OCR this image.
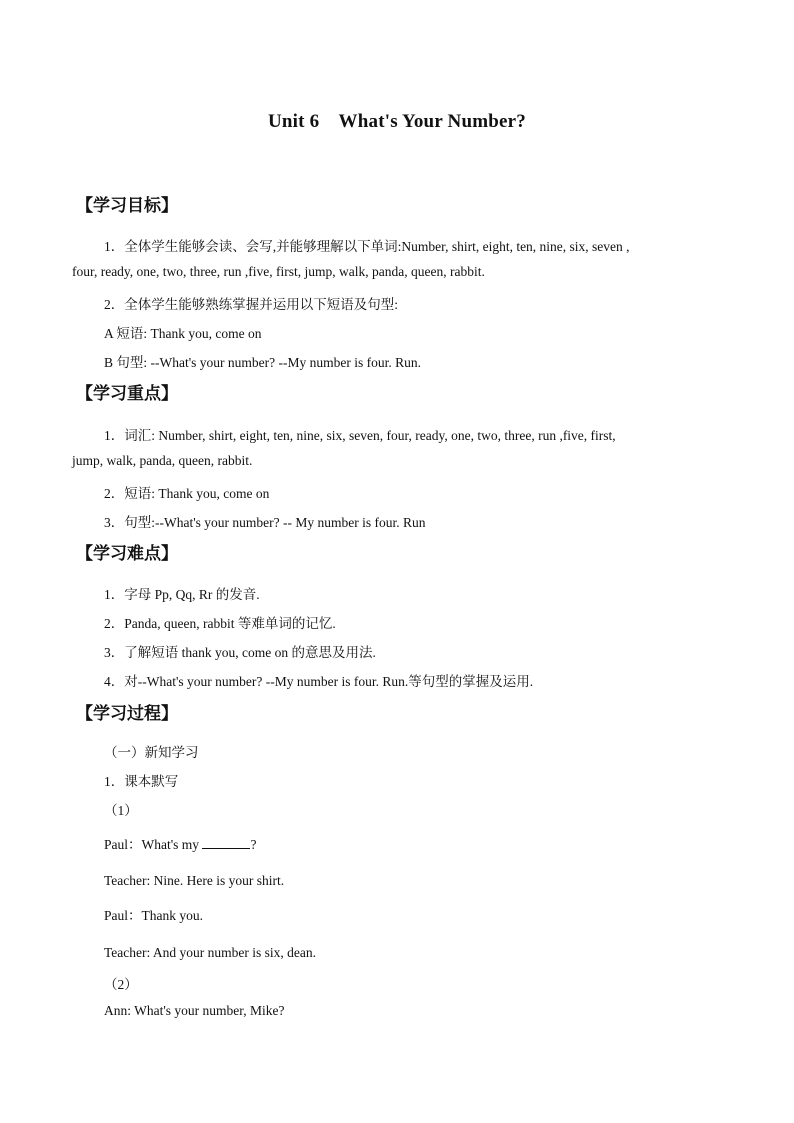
Unit 6　What's Your Number?
【学习目标】
1．全体学生能够会读、会写,并能够理解以下单词:Number, shirt, eight, ten, nine, six, seven ,
four, ready, one, two, three, run ,five, first, jump, walk, panda, queen, rabbit.
2．全体学生能够熟练掌握并运用以下短语及句型:
A 短语: Thank you, come on
B 句型: --What's your number? --My number is four. Run.
【学习重点】
1．词汇: Number, shirt, eight, ten, nine, six, seven, four, ready, one, two, three, run ,five, first,
jump, walk, panda, queen, rabbit.
2．短语: Thank you, come on
3．句型:--What's your number? -- My number is four. Run
【学习难点】
1．字母 Pp, Qq, Rr 的发音.
2．Panda, queen, rabbit 等难单词的记忆.
3．了解短语 thank you, come on 的意思及用法.
4．对--What's your number? --My number is four. Run.等句型的掌握及运用.
【学习过程】
（一）新知学习
1．课本默写
（1）
Paul：What's my	?
Teacher: Nine. Here is your shirt.
Paul：Thank you.
Teacher: And your number is six, dean.
（2）
Ann: What's your number, Mike?
